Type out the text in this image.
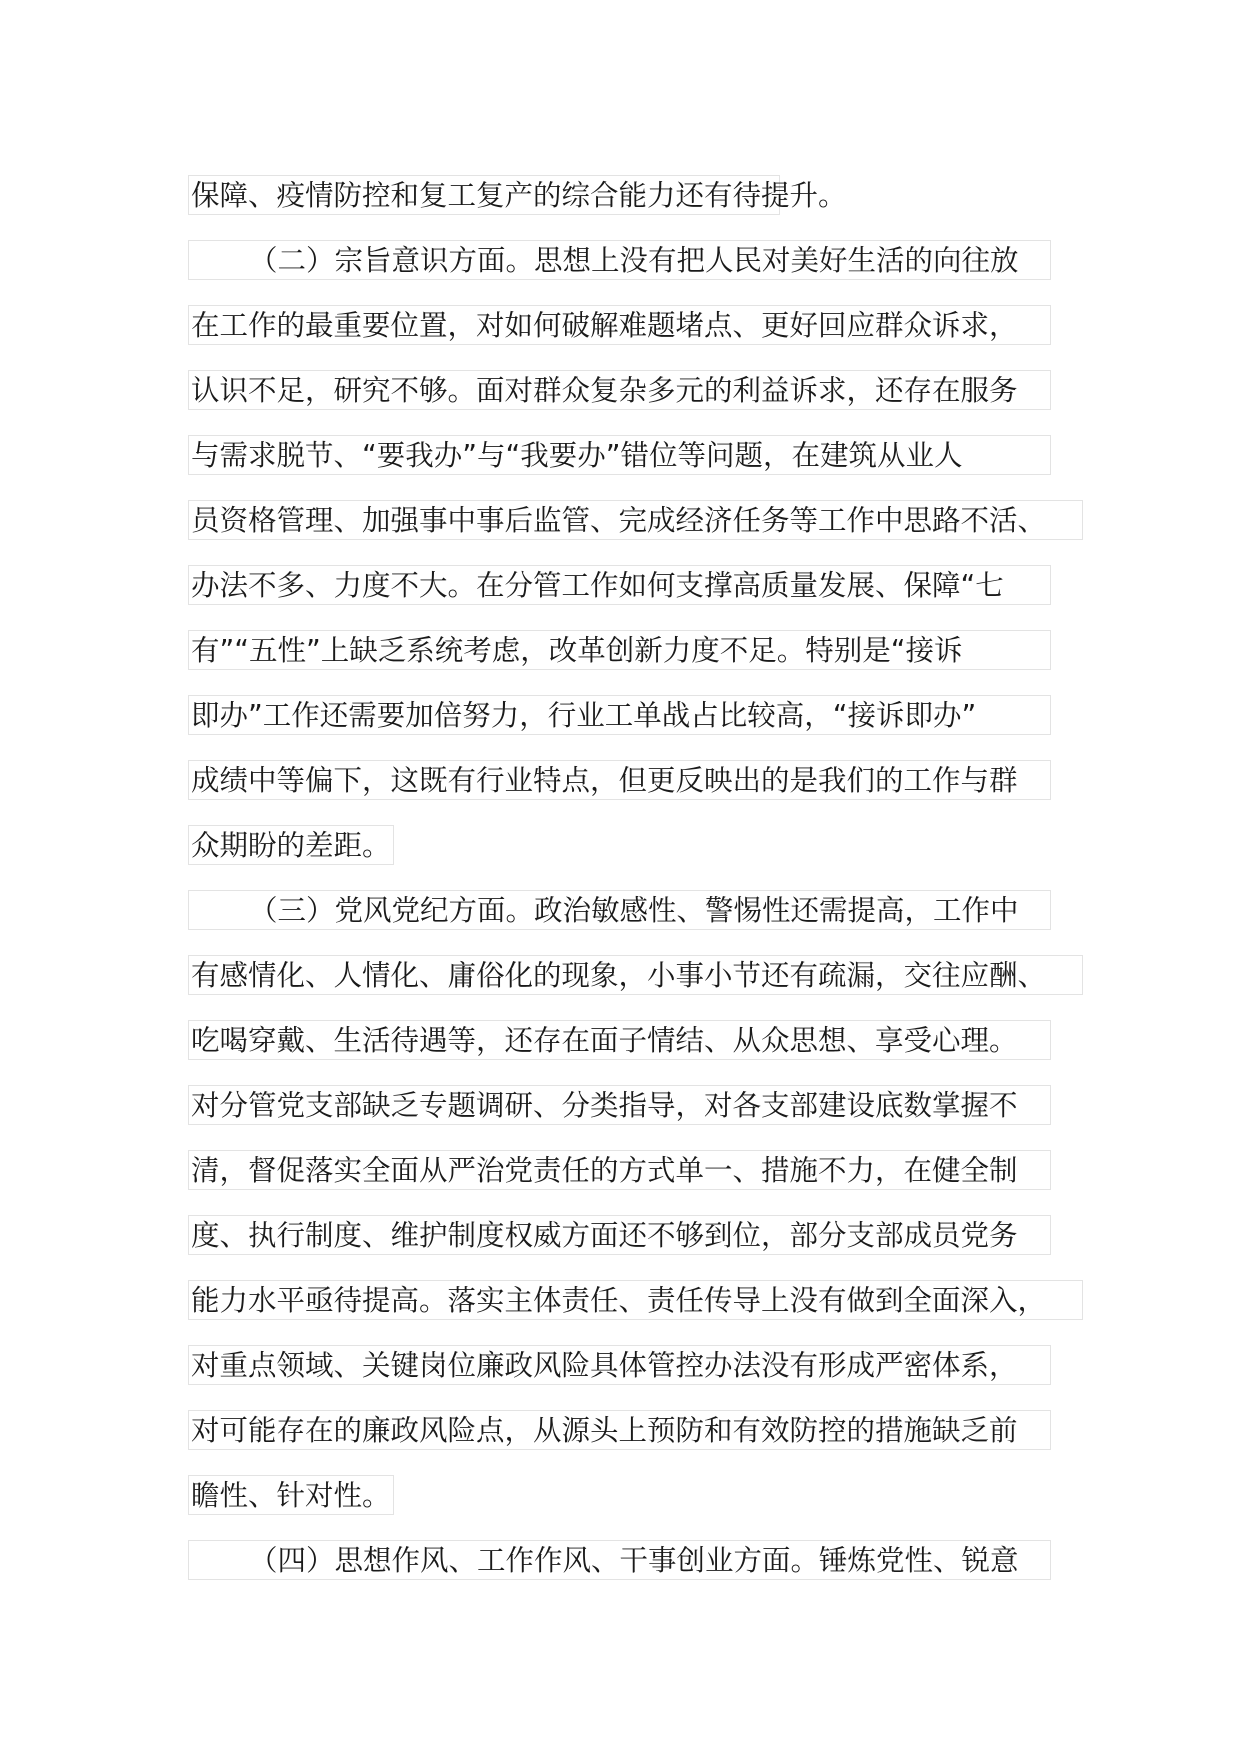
保障、疫情防控和复工复产的综合能力还有待提升。
（二）宗旨意识方面。思想上没有把人民对美好生活的向往放
在工作的最重要位置，对如何破解难题堵点、更好回应群众诉求，
认识不足，研究不够。面对群众复杂多元的利益诉求，还存在服务
与需求脱节、“要我办”与“我要办”错位等问题，在建筑从业人
员资格管理、加强事中事后监管、完成经济任务等工作中思路不活、
办法不多、力度不大。在分管工作如何支撑高质量发展、保障“七
有”“五性”上缺乏系统考虑，改革创新力度不足。特别是“接诉
即办”工作还需要加倍努力，行业工单战占比较高，“接诉即办”
成绩中等偏下，这既有行业特点，但更反映出的是我们的工作与群
众期盼的差距。
（三）党风党纪方面。政治敏感性、警惕性还需提高，工作中
有感情化、人情化、庸俗化的现象，小事小节还有疏漏，交往应酬、
吃喝穿戴、生活待遇等，还存在面子情结、从众思想、享受心理。
对分管党支部缺乏专题调研、分类指导，对各支部建设底数掌握不
清，督促落实全面从严治党责任的方式单一、措施不力，在健全制
度、执行制度、维护制度权威方面还不够到位，部分支部成员党务
能力水平亟待提高。落实主体责任、责任传导上没有做到全面深入，
对重点领域、关键岗位廉政风险具体管控办法没有形成严密体系，
对可能存在的廉政风险点，从源头上预防和有效防控的措施缺乏前
瞻性、针对性。
（四）思想作风、工作作风、干事创业方面。锤炼党性、锐意
